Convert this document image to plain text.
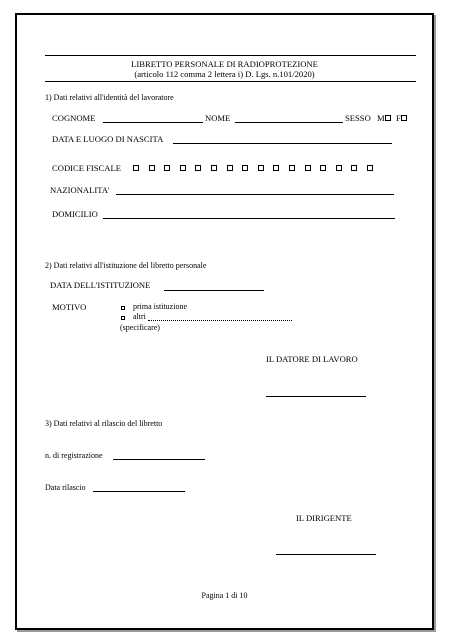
LIBRETTO PERSONALE DI RADIOPROTEZIONE
(articolo 112 comma 2 lettera i) D. Lgs. n.101/2020)
1) Dati relativi all'identità del lavoratore
COGNOME	NOME	SESSO M F
DATA E LUOGO DI NASCITA
CODICE FISCALE
NAZIONALITA'
DOMICILIO
2) Dati relativi all'istituzione del libretto personale
DATA DELL'ISTITUZIONE
MOTIVO	prima istituzione
altri
(specificare)
IL DATORE DI LAVORO
3) Dati relativi al rilascio del libretto
n. di registrazione
Data rilascio
IL DIRIGENTE
Pagina 1 di 10
